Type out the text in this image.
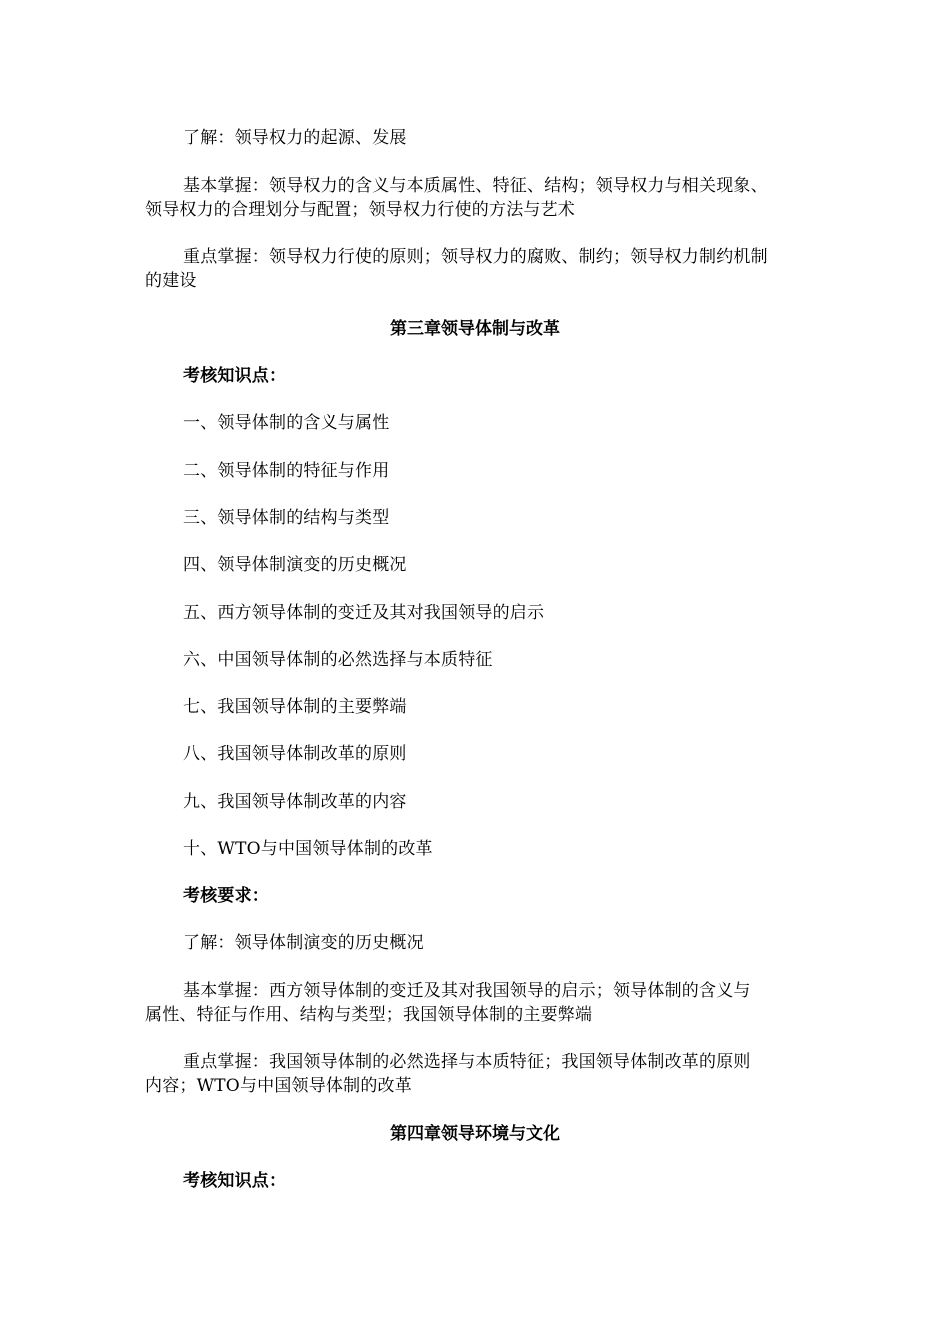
了解：领导权力的起源、发展
基本掌握：领导权力的含义与本质属性、特征、结构；领导权力与相关现象、
领导权力的合理划分与配置；领导权力行使的方法与艺术
重点掌握：领导权力行使的原则；领导权力的腐败、制约；领导权力制约机制
的建设
第三章领导体制与改革
考核知识点：
一、领导体制的含义与属性
二、领导体制的特征与作用
三、领导体制的结构与类型
四、领导体制演变的历史概况
五、西方领导体制的变迁及其对我国领导的启示
六、中国领导体制的必然选择与本质特征
七、我国领导体制的主要弊端
八、我国领导体制改革的原则
九、我国领导体制改革的内容
十、WTO与中国领导体制的改革
考核要求：
了解：领导体制演变的历史概况
基本掌握：西方领导体制的变迁及其对我国领导的启示；领导体制的含义与
属性、特征与作用、结构与类型；我国领导体制的主要弊端
重点掌握：我国领导体制的必然选择与本质特征；我国领导体制改革的原则
内容；WTO与中国领导体制的改革
第四章领导环境与文化
考核知识点：
